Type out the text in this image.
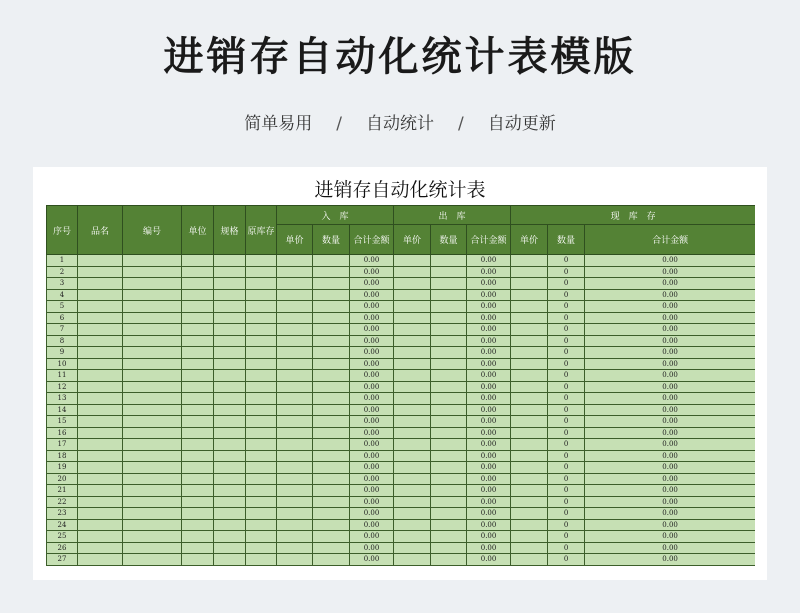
进销存自动化统计表模版
简单易用 / 自动统计 / 自动更新
进销存自动化统计表
序号	品名	编号	单位	规格	原库存	入　库			出　库			现　库　存		
						单价	数量	合计金额	单价	数量	合计金额	单价	数量	合计金额
1								0.00			0.00		0	0.00
2								0.00			0.00		0	0.00
3								0.00			0.00		0	0.00
4								0.00			0.00		0	0.00
5								0.00			0.00		0	0.00
6								0.00			0.00		0	0.00
7								0.00			0.00		0	0.00
8								0.00			0.00		0	0.00
9								0.00			0.00		0	0.00
10								0.00			0.00		0	0.00
11								0.00			0.00		0	0.00
12								0.00			0.00		0	0.00
13								0.00			0.00		0	0.00
14								0.00			0.00		0	0.00
15								0.00			0.00		0	0.00
16								0.00			0.00		0	0.00
17								0.00			0.00		0	0.00
18								0.00			0.00		0	0.00
19								0.00			0.00		0	0.00
20								0.00			0.00		0	0.00
21								0.00			0.00		0	0.00
22								0.00			0.00		0	0.00
23								0.00			0.00		0	0.00
24								0.00			0.00		0	0.00
25								0.00			0.00		0	0.00
26								0.00			0.00		0	0.00
27								0.00			0.00		0	0.00
